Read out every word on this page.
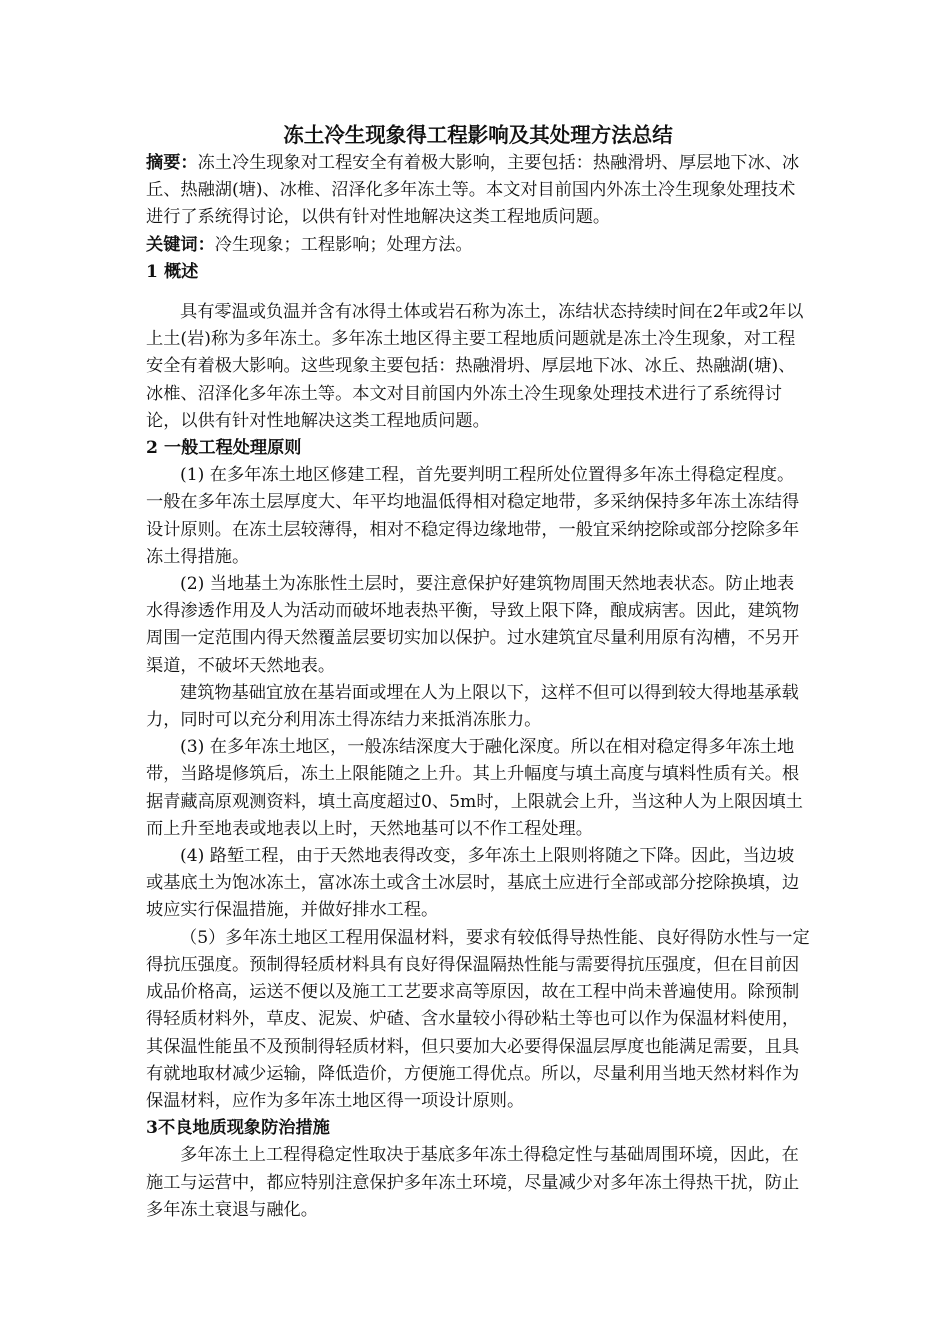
冻土冷生现象得工程影响及其处理方法总结

摘要：冻土冷生现象对工程安全有着极大影响，主要包括：热融滑坍、厚层地下冰、冰丘、热融湖(塘)、冰椎、沼泽化多年冻土等。本文对目前国内外冻土冷生现象处理技术进行了系统得讨论，以供有针对性地解决这类工程地质问题。

关键词：冷生现象；工程影响；处理方法。

1 概述

具有零温或负温并含有冰得土体或岩石称为冻土，冻结状态持续时间在2年或2年以上土(岩)称为多年冻土。多年冻土地区得主要工程地质问题就是冻土冷生现象，对工程安全有着极大影响。这些现象主要包括：热融滑坍、厚层地下冰、冰丘、热融湖(塘)、冰椎、沼泽化多年冻土等。本文对目前国内外冻土冷生现象处理技术进行了系统得讨论，以供有针对性地解决这类工程地质问题。

2 一般工程处理原则

(1) 在多年冻土地区修建工程，首先要判明工程所处位置得多年冻土得稳定程度。一般在多年冻土层厚度大、年平均地温低得相对稳定地带，多采纳保持多年冻土冻结得设计原则。在冻土层较薄得，相对不稳定得边缘地带，一般宜采纳挖除或部分挖除多年冻土得措施。

(2) 当地基土为冻胀性土层时，要注意保护好建筑物周围天然地表状态。防止地表水得渗透作用及人为活动而破坏地表热平衡，导致上限下降，酿成病害。因此，建筑物周围一定范围内得天然覆盖层要切实加以保护。过水建筑宜尽量利用原有沟槽，不另开渠道，不破坏天然地表。

建筑物基础宜放在基岩面或埋在人为上限以下，这样不但可以得到较大得地基承载力，同时可以充分利用冻土得冻结力来抵消冻胀力。

(3) 在多年冻土地区，一般冻结深度大于融化深度。所以在相对稳定得多年冻土地带，当路堤修筑后，冻土上限能随之上升。其上升幅度与填土高度与填料性质有关。根据青藏高原观测资料，填土高度超过0、5m时，上限就会上升，当这种人为上限因填土而上升至地表或地表以上时，天然地基可以不作工程处理。

(4) 路堑工程，由于天然地表得改变，多年冻土上限则将随之下降。因此，当边坡或基底土为饱冰冻土，富冰冻土或含土冰层时，基底土应进行全部或部分挖除换填，边坡应实行保温措施，并做好排水工程。

（5）多年冻土地区工程用保温材料，要求有较低得导热性能、良好得防水性与一定得抗压强度。预制得轻质材料具有良好得保温隔热性能与需要得抗压强度，但在目前因成品价格高，运送不便以及施工工艺要求高等原因，故在工程中尚未普遍使用。除预制得轻质材料外，草皮、泥炭、炉碴、含水量较小得砂粘土等也可以作为保温材料使用，其保温性能虽不及预制得轻质材料，但只要加大必要得保温层厚度也能满足需要，且具有就地取材减少运输，降低造价，方便施工得优点。所以，尽量利用当地天然材料作为保温材料，应作为多年冻土地区得一项设计原则。

3不良地质现象防治措施

多年冻土上工程得稳定性取决于基底多年冻土得稳定性与基础周围环境，因此，在施工与运营中，都应特别注意保护多年冻土环境，尽量减少对多年冻土得热干扰，防止多年冻土衰退与融化。
